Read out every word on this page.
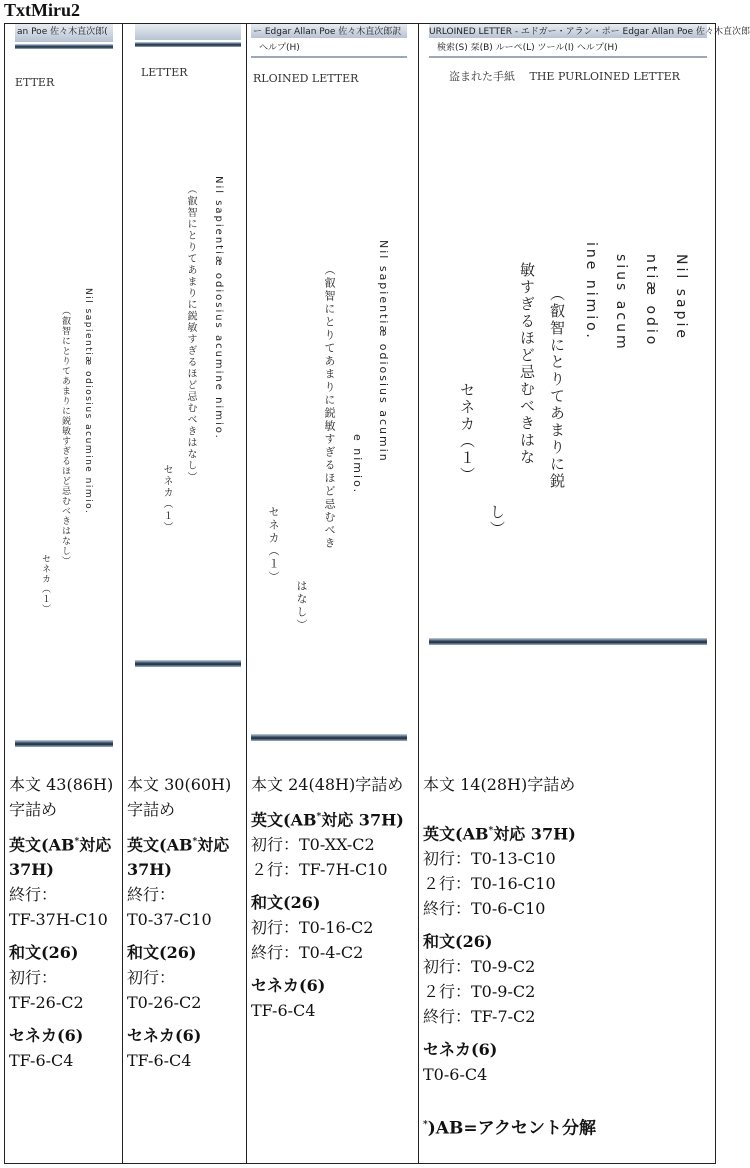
TxtMiru2
an Poe 佐々木直次郎(
ETTER
Nil sapientiæ odiosius acumine nimio.
（叡智にとりてあまりに鋭敏すぎるほど忌むべきはなし）
セネカ（１）

本文 43(86H)字詰め

英文(AB*対応 37H)

終行：

TF-37H-C10

和文(26)

初行：

TF-26-C2

セネカ(6)

TF-6-C4

LETTER
Nil sapientiæ odiosius acumine nimio.
（叡智にとりてあまりに鋭敏すぎるほど忌むべきはなし）
セネカ（１）

本文 30(60H)字詰め

英文(AB*対応 37H)

終行：

T0-37-C10

和文(26)

初行：

T0-26-C2

セネカ(6)

TF-6-C4

ー Edgar Allan Poe 佐々木直次郎訳
ヘルプ(H)
RLOINED LETTER
Nil sapientiæ odiosius acumin
e nimio.
（叡智にとりてあまりに鋭敏すぎるほど忌むべき
はなし）
セネカ（１）

本文 24(48H)字詰め

英文(AB*対応 37H)

初行：T0-XX-C2

２行：TF-7H-C10

和文(26)

初行：T0-16-C2

終行：T0-4-C2

セネカ(6)

TF-6-C4

URLOINED LETTER - エドガー・アラン・ポー Edgar Allan Poe 佐々木直次郎
検索(S) 栞(B) ルーペ(L) ツール(I) ヘルプ(H)
盗まれた手紙　 THE PURLOINED LETTER
Nil sapie
ntiæ odio
sius acum
ine nimio.
（叡智にとりてあまりに鋭
敏すぎるほど忌むべきはな
し）
セネカ（１）

本文 14(28H)字詰め

英文(AB*対応 37H)

初行：T0-13-C10

２行：T0-16-C10

終行：T0-6-C10

和文(26)

初行：T0-9-C2

２行：T0-9-C2

終行：TF-7-C2

セネカ(6)

T0-6-C4

*)AB=アクセント分解
